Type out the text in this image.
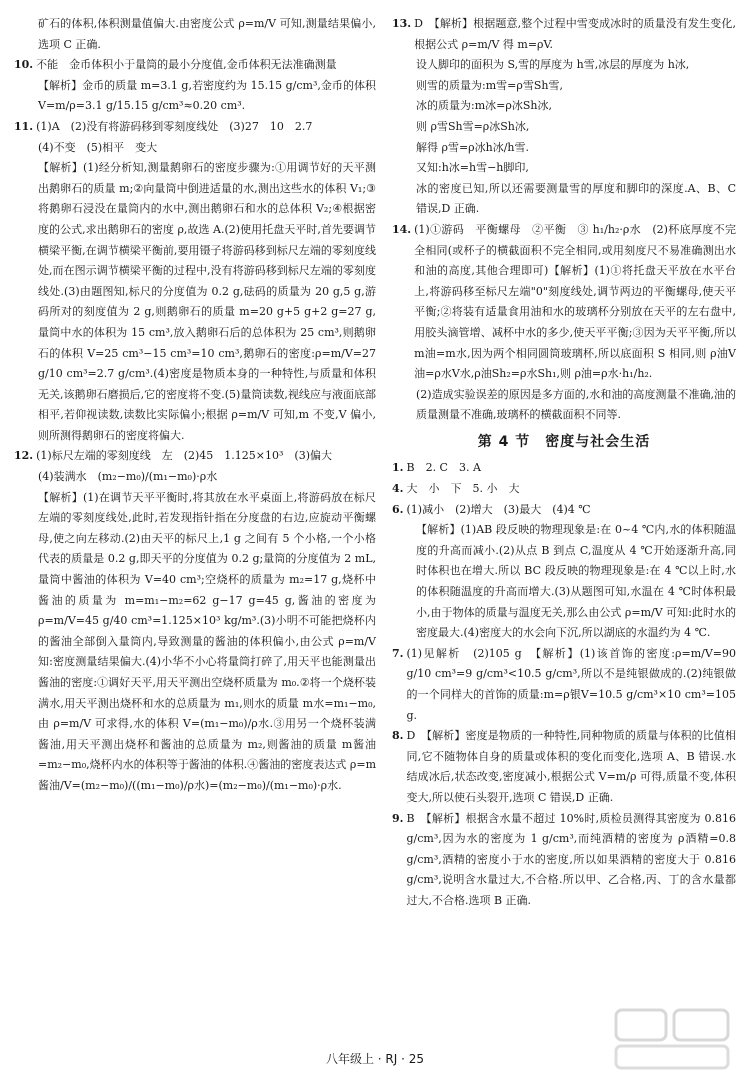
矿石的体积,体积测量值偏大.由密度公式 ρ=m/V 可知,测量结果偏小,选项 C 正确.

10. 不能　金币体积小于量筒的最小分度值,金币体积无法准确测量

【解析】金币的质量 m=3.1 g,若密度约为 15.15 g/cm³,金币的体积 V=m/ρ=3.1 g/15.15 g/cm³≈0.20 cm³.

11. (1)A　(2)没有将游码移到零刻度线处　(3)27　10　2.7

(4)不变　(5)相平　变大

【解析】(1)经分析知,测量鹅卵石的密度步骤为:①用调节好的天平测出鹅卵石的质量 m;②向量筒中倒进适量的水,测出这些水的体积 V₁;③将鹅卵石浸没在量筒内的水中,测出鹅卵石和水的总体积 V₂;④根据密度的公式,求出鹅卵石的密度 ρ,故选 A.(2)使用托盘天平时,首先要调节横梁平衡,在调节横梁平衡前,要用镊子将游码移到标尺左端的零刻度线处,而在图示调节横梁平衡的过程中,没有将游码移到标尺左端的零刻度线处.(3)由题图知,标尺的分度值为 0.2 g,砝码的质量为 20 g,5 g,游码所对的刻度值为 2 g,则鹅卵石的质量 m=20 g+5 g+2 g=27 g,量筒中水的体积为 15 cm³,放入鹅卵石后的总体积为 25 cm³,则鹅卵石的体积 V=25 cm³−15 cm³=10 cm³,鹅卵石的密度:ρ=m/V=27 g/10 cm³=2.7 g/cm³.(4)密度是物质本身的一种特性,与质量和体积无关,该鹅卵石磨损后,它的密度将不变.(5)量筒读数,视线应与液面底部相平,若仰视读数,读数比实际偏小;根据 ρ=m/V 可知,m 不变,V 偏小,则所测得鹅卵石的密度将偏大.

12. (1)标尺左端的零刻度线　左　(2)45　1.125×10³　(3)偏大

(4)装满水　(m₂−m₀)/(m₁−m₀)·ρ水

【解析】(1)在调节天平平衡时,将其放在水平桌面上,将游码放在标尺左端的零刻度线处,此时,若发现指针指在分度盘的右边,应旋动平衡螺母,使之向左移动.(2)由天平的标尺上,1 g 之间有 5 个小格,一个小格代表的质量是 0.2 g,即天平的分度值为 0.2 g;量筒的分度值为 2 mL,量筒中酱油的体积为 V=40 cm³;空烧杯的质量为 m₂=17 g,烧杯中酱油的质量为 m=m₁−m₂=62 g−17 g=45 g,酱油的密度为 ρ=m/V=45 g/40 cm³=1.125×10³ kg/m³.(3)小明不可能把烧杯内的酱油全部倒入量筒内,导致测量的酱油的体积偏小,由公式 ρ=m/V 知:密度测量结果偏大.(4)小华不小心将量筒打碎了,用天平也能测量出酱油的密度:①调好天平,用天平测出空烧杯质量为 m₀.②将一个烧杯装满水,用天平测出烧杯和水的总质量为 m₁,则水的质量 m水=m₁−m₀,由 ρ=m/V 可求得,水的体积 V=(m₁−m₀)/ρ水.③用另一个烧杯装满酱油,用天平测出烧杯和酱油的总质量为 m₂,则酱油的质量 m酱油=m₂−m₀,烧杯内水的体积等于酱油的体积.④酱油的密度表达式 ρ=m酱油/V=(m₂−m₀)/((m₁−m₀)/ρ水)=(m₂−m₀)/(m₁−m₀)·ρ水.

13. D　【解析】根据题意,整个过程中雪变成冰时的质量没有发生变化,根据公式 ρ=m/V 得 m=ρV.

设人脚印的面积为 S,雪的厚度为 h雪,冰层的厚度为 h冰,

则雪的质量为:m雪=ρ雪Sh雪,

冰的质量为:m冰=ρ冰Sh冰,

则 ρ雪Sh雪=ρ冰Sh冰,

解得 ρ雪=ρ冰h冰/h雪.

又知:h冰=h雪−h脚印,

冰的密度已知,所以还需要测量雪的厚度和脚印的深度.A、B、C 错误,D 正确.

14. (1)①游码　平衡螺母　②平衡　③ h₁/h₂·ρ水　(2)杯底厚度不完全相同(或杯子的横截面积不完全相同,或用刻度尺不易准确测出水和油的高度,其他合理即可)【解析】(1)①将托盘天平放在水平台上,将游码移至标尺左端"0"刻度线处,调节两边的平衡螺母,使天平平衡;②将装有适量食用油和水的玻璃杯分别放在天平的左右盘中,用胶头滴管增、减杯中水的多少,使天平平衡;③因为天平平衡,所以 m油=m水,因为两个相同圆筒玻璃杯,所以底面积 S 相同,则 ρ油V油=ρ水V水,ρ油Sh₂=ρ水Sh₁,则 ρ油=ρ水·h₁/h₂.

(2)造成实验误差的原因是多方面的,水和油的高度测量不准确,油的质量测量不准确,玻璃杯的横截面积不同等.

第 4 节　密度与社会生活
1. B　2. C　3. A

4. 大　小　下　5. 小　大

6. (1)减小　(2)增大　(3)最大　(4)4 ℃

【解析】(1)AB 段反映的物理现象是:在 0~4 ℃内,水的体积随温度的升高而减小.(2)从点 B 到点 C,温度从 4 ℃开始逐渐升高,同时体积也在增大.所以 BC 段反映的物理现象是:在 4 ℃以上时,水的体积随温度的升高而增大.(3)从题图可知,水温在 4 ℃时体积最小,由于物体的质量与温度无关,那么由公式 ρ=m/V 可知:此时水的密度最大.(4)密度大的水会向下沉,所以湖底的水温约为 4 ℃.

7. (1)见解析　(2)105 g　【解析】(1)该首饰的密度:ρ=m/V=90 g/10 cm³=9 g/cm³<10.5 g/cm³,所以不是纯银做成的.(2)纯银做的一个同样大的首饰的质量:m=ρ银V=10.5 g/cm³×10 cm³=105 g.

8. D　【解析】密度是物质的一种特性,同种物质的质量与体积的比值相同,它不随物体自身的质量或体积的变化而变化,选项 A、B 错误.水结成冰后,状态改变,密度减小,根据公式 V=m/ρ 可得,质量不变,体积变大,所以使石头裂开,选项 C 错误,D 正确.

9. B　【解析】根据含水量不超过 10%时,质检员测得其密度为 0.816 g/cm³,因为水的密度为 1 g/cm³,而纯酒精的密度为 ρ酒精=0.8 g/cm³,酒精的密度小于水的密度,所以如果酒精的密度大于 0.816 g/cm³,说明含水量过大,不合格.所以甲、乙合格,丙、丁的含水量都过大,不合格.选项 B 正确.

八年级上 · RJ · 25
